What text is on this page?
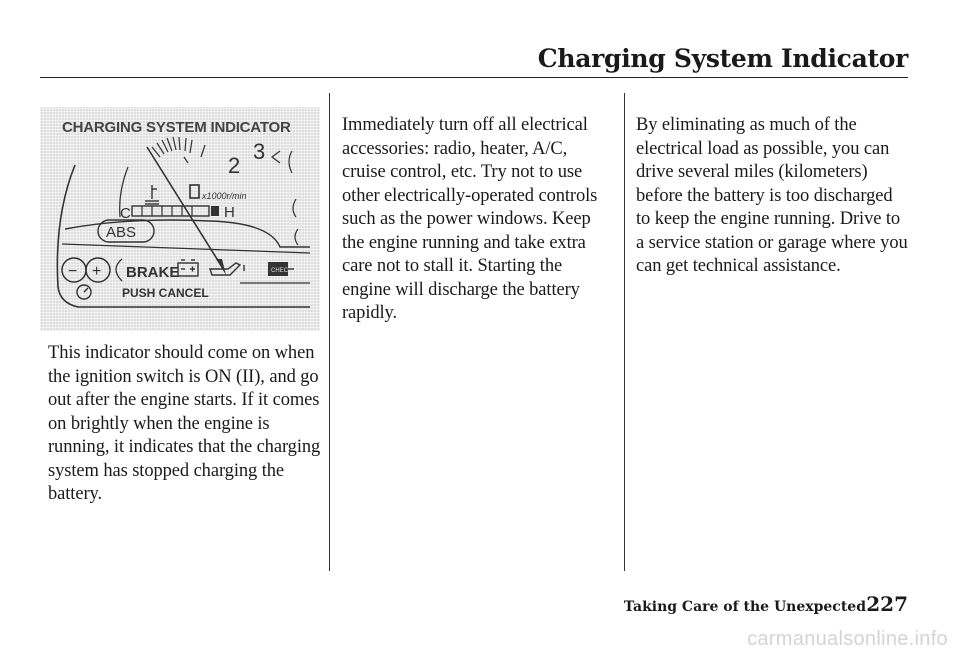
Charging System Indicator
2
3
x1000r/min
C	H
ABS
− + BRAKE	CHECK
PUSH CANCEL

CHARGING SYSTEM INDICATOR

This indicator should come on when the ignition switch is ON (II), and go out after the engine starts. If it comes on brightly when the engine is running, it indicates that the charging system has stopped charging the battery.

Immediately turn off all electrical accessories: radio, heater, A/C, cruise control, etc. Try not to use other electrically-operated controls such as the power windows. Keep the engine running and take extra care not to stall it. Starting the engine will discharge the battery rapidly.

By eliminating as much of the electrical load as possible, you can drive several miles (kilometers) before the battery is too discharged to keep the engine running. Drive to a service station or garage where you can get technical assistance.

Taking Care of the Unexpected 227

carmanualsonline.info
